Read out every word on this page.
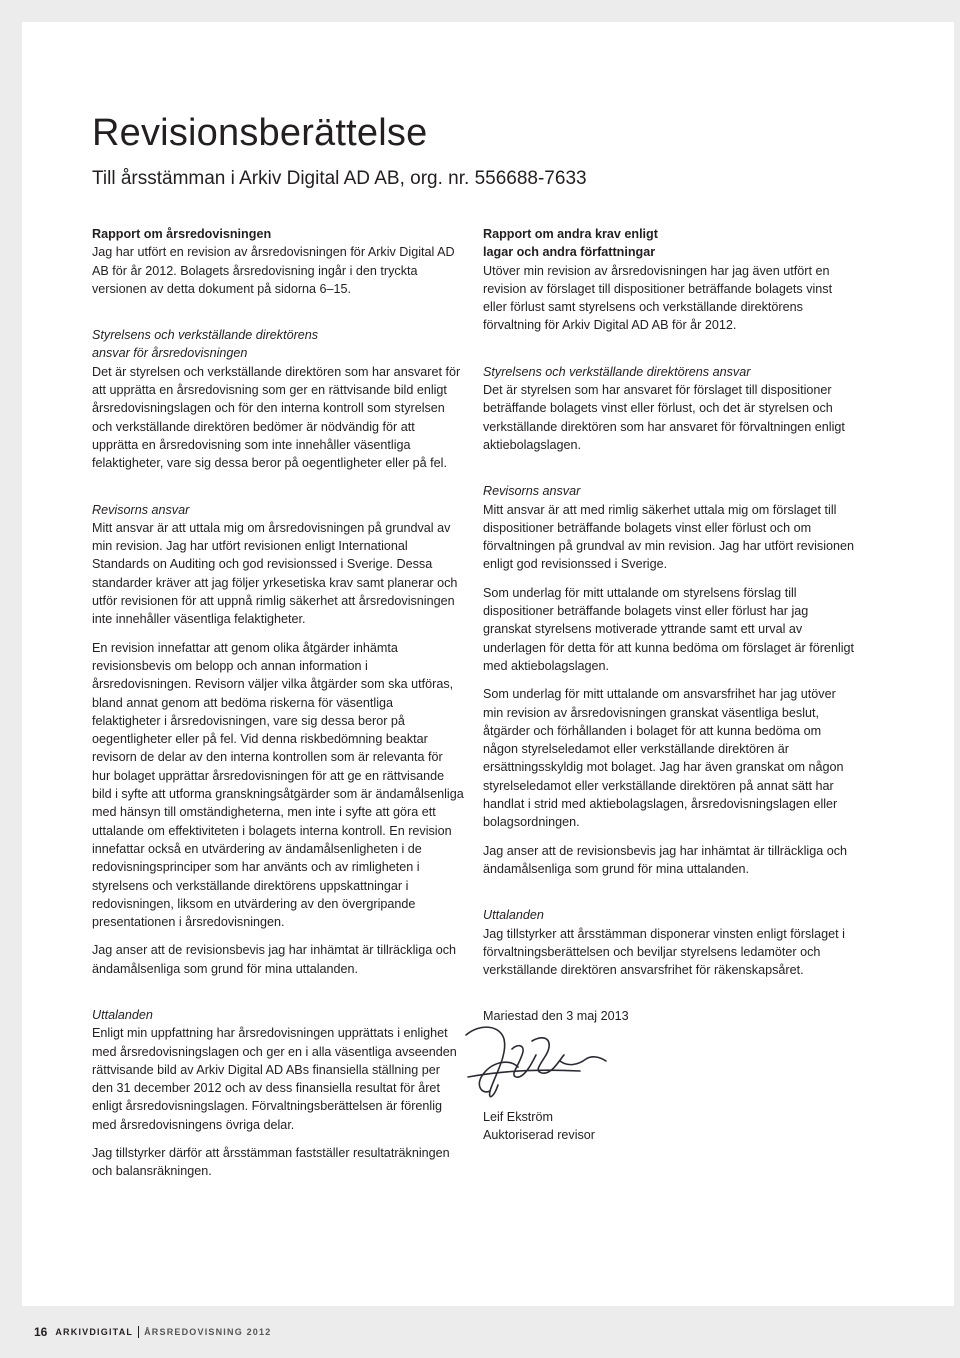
Revisionsberättelse
Till årsstämman i Arkiv Digital AD AB, org. nr. 556688-7633

Rapport om årsredovisningen

Jag har utfört en revision av årsredovisningen för Arkiv Digital AD AB för år 2012. Bolagets årsredovisning ingår i den tryckta versionen av detta dokument på sidorna 6–15.

Styrelsens och verkställande direktörens

ansvar för årsredovisningen

Det är styrelsen och verkställande direktören som har ansvaret för att upprätta en årsredovisning som ger en rättvisande bild enligt årsredovisningslagen och för den interna kontroll som styrelsen och verkställande direktören bedömer är nödvändig för att upprätta en årsredovisning som inte innehåller väsentliga felaktigheter, vare sig dessa beror på oegentligheter eller på fel.

Revisorns ansvar

Mitt ansvar är att uttala mig om årsredovisningen på grundval av min revision. Jag har utfört revisionen enligt International Standards on Auditing och god revisionssed i Sverige. Dessa standarder kräver att jag följer yrkesetiska krav samt planerar och utför revisionen för att uppnå rimlig säkerhet att årsredovisningen inte innehåller väsentliga felaktigheter.

En revision innefattar att genom olika åtgärder inhämta revisionsbevis om belopp och annan information i årsredovisningen. Revisorn väljer vilka åtgärder som ska utföras, bland annat genom att bedöma riskerna för väsentliga felaktigheter i årsredovisningen, vare sig dessa beror på oegentligheter eller på fel. Vid denna riskbedömning beaktar revisorn de delar av den interna kontrollen som är relevanta för hur bolaget upprättar årsredovisningen för att ge en rättvisande bild i syfte att utforma granskningsåtgärder som är ändamålsenliga med hänsyn till omständigheterna, men inte i syfte att göra ett uttalande om effektiviteten i bolagets interna kontroll. En revision innefattar också en utvärdering av ändamålsenligheten i de redovisningsprinciper som har använts och av rimligheten i styrelsens och verkställande direktörens uppskattningar i redovisningen, liksom en utvärdering av den övergripande presentationen i årsredovisningen.

Jag anser att de revisionsbevis jag har inhämtat är tillräckliga och ändamålsenliga som grund för mina uttalanden.

Uttalanden

Enligt min uppfattning har årsredovisningen upprättats i enlighet med årsredovisningslagen och ger en i alla väsentliga avseenden rättvisande bild av Arkiv Digital AD ABs finansiella ställning per den 31 december 2012 och av dess finansiella resultat för året enligt årsredovisningslagen. Förvaltningsberättelsen är förenlig med årsredovisningens övriga delar.

Jag tillstyrker därför att årsstämman fastställer resultaträkningen och balansräkningen.

Rapport om andra krav enligt

lagar och andra författningar

Utöver min revision av årsredovisningen har jag även utfört en revision av förslaget till dispositioner beträffande bolagets vinst eller förlust samt styrelsens och verkställande direktörens förvaltning för Arkiv Digital AD AB för år 2012.

Styrelsens och verkställande direktörens ansvar

Det är styrelsen som har ansvaret för förslaget till dispositioner beträffande bolagets vinst eller förlust, och det är styrelsen och verkställande direktören som har ansvaret för förvaltningen enligt aktiebolagslagen.

Revisorns ansvar

Mitt ansvar är att med rimlig säkerhet uttala mig om förslaget till dispositioner beträffande bolagets vinst eller förlust och om förvaltningen på grundval av min revision. Jag har utfört revisionen enligt god revisionssed i Sverige.

Som underlag för mitt uttalande om styrelsens förslag till dispositioner beträffande bolagets vinst eller förlust har jag granskat styrelsens motiverade yttrande samt ett urval av underlagen för detta för att kunna bedöma om förslaget är förenligt med aktiebolagslagen.

Som underlag för mitt uttalande om ansvarsfrihet har jag utöver min revision av årsredovisningen granskat väsentliga beslut, åtgärder och förhållanden i bolaget för att kunna bedöma om någon styrelseledamot eller verkställande direktören är ersättningsskyldig mot bolaget. Jag har även granskat om någon styrelseledamot eller verkställande direktören på annat sätt har handlat i strid med aktiebolagslagen, årsredovisningslagen eller bolagsordningen.

Jag anser att de revisionsbevis jag har inhämtat är tillräckliga och ändamålsenliga som grund för mina uttalanden.

Uttalanden

Jag tillstyrker att årsstämman disponerar vinsten enligt förslaget i förvaltningsberättelsen och beviljar styrelsens ledamöter och verkställande direktören ansvarsfrihet för räkenskapsåret.

Mariestad den 3 maj 2013

Leif Ekström
Auktoriserad revisor
16 ARKIVDIGITAL ÅRSREDOVISNING 2012
